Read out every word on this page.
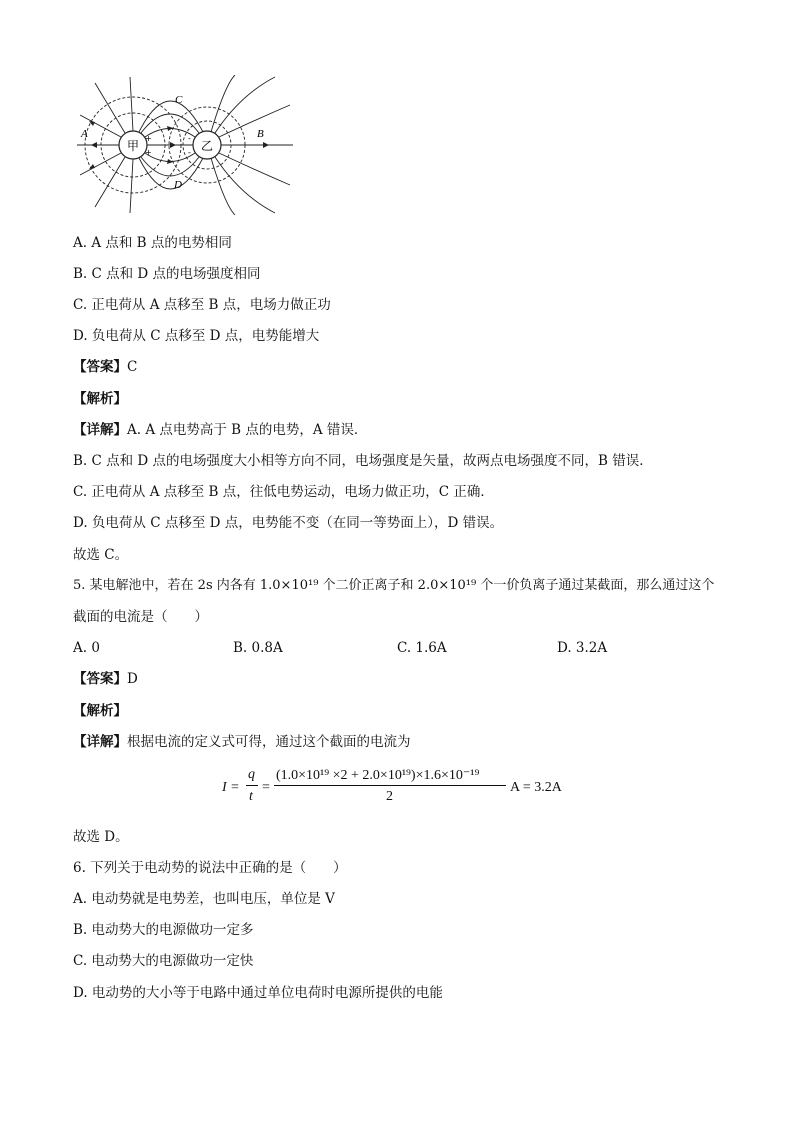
+
+
-
-
甲	乙
A	B
C
D
A. A 点和 B 点的电势相同
B. C 点和 D 点的电场强度相同
C. 正电荷从 A 点移至 B 点，电场力做正功
D. 负电荷从 C 点移至 D 点，电势能增大
【答案】C
【解析】
【详解】A. A 点电势高于 B 点的电势，A 错误．
B. C 点和 D 点的电场强度大小相等方向不同，电场强度是矢量，故两点电场强度不同，B 错误．
C. 正电荷从 A 点移至 B 点，往低电势运动，电场力做正功，C 正确．
D. 负电荷从 C 点移至 D 点，电势能不变（在同一等势面上），D 错误。
故选 C。
5. 某电解池中，若在 2s 内各有 1.0×10¹⁹ 个二价正离子和 2.0×10¹⁹ 个一价负离子通过某截面，那么通过这个
截面的电流是（　　）
A. 0	B. 0.8A	C. 1.6A	D. 3.2A
【答案】D
【解析】
【详解】根据电流的定义式可得，通过这个截面的电流为
I =
q
t
=
(1.0×10¹⁹ ×2 + 2.0×10¹⁹)×1.6×10⁻¹⁹
2
A = 3.2A
故选 D。
6. 下列关于电动势的说法中正确的是（　　）
A. 电动势就是电势差，也叫电压，单位是 V
B. 电动势大的电源做功一定多
C. 电动势大的电源做功一定快
D. 电动势的大小等于电路中通过单位电荷时电源所提供的电能
